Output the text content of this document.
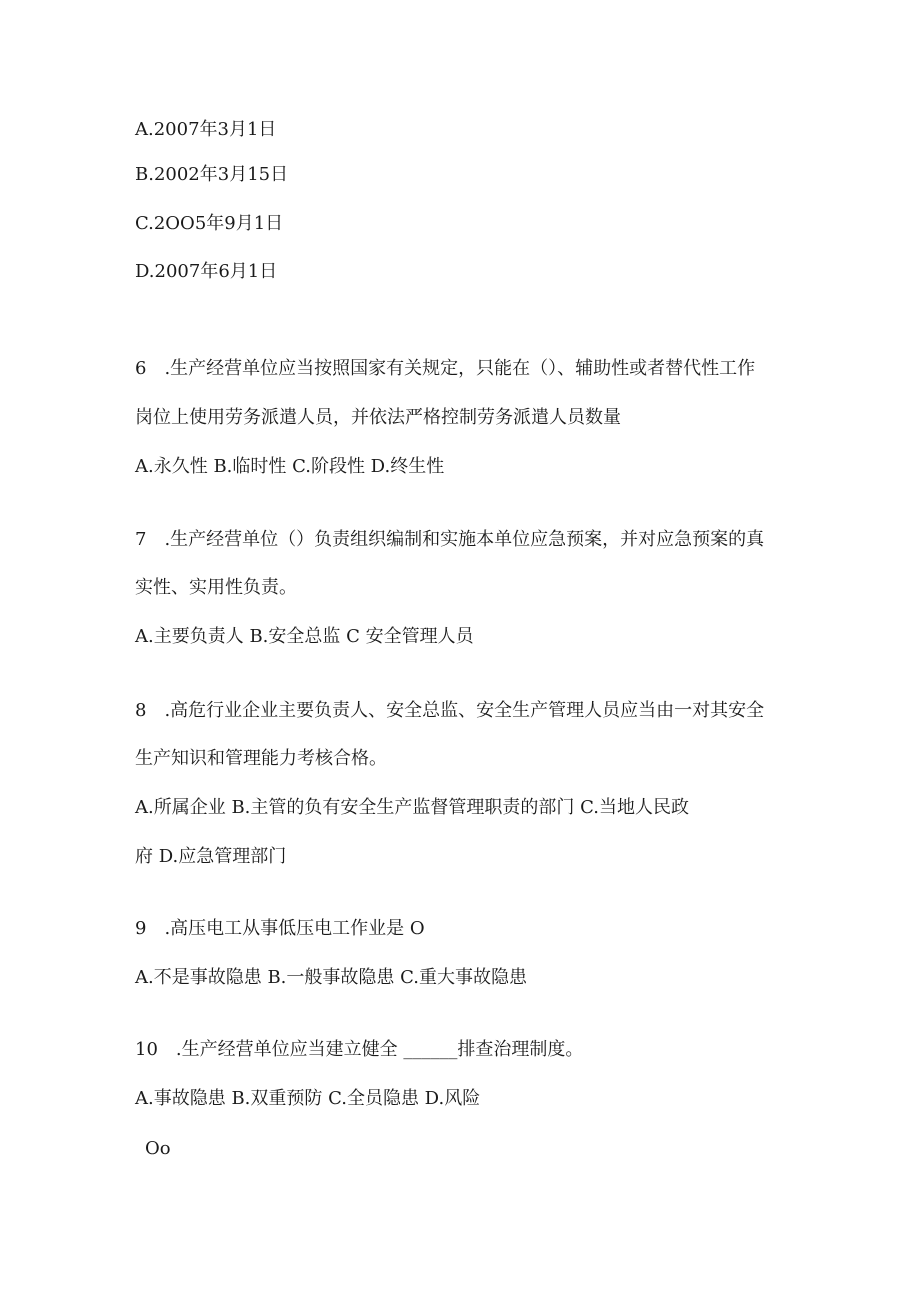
A.2007年3月1日
B.2002年3月15日
C.2OO5年9月1日
D.2007年6月1日
6　.生产经营单位应当按照国家有关规定，只能在（）、辅助性或者替代性工作
岗位上使用劳务派遣人员，并依法严格控制劳务派遣人员数量
A.永久性 B.临时性 C.阶段性 D.终生性
7　.生产经营单位（）负责组织编制和实施本单位应急预案，并对应急预案的真
实性、实用性负责。
A.主要负责人 B.安全总监 C 安全管理人员
8　.高危行业企业主要负责人、安全总监、安全生产管理人员应当由一对其安全
生产知识和管理能力考核合格。
A.所属企业 B.主管的负有安全生产监督管理职责的部门 C.当地人民政
府 D.应急管理部门
9　.高压电工从事低压电工作业是 O
A.不是事故隐患 B.一般事故隐患 C.重大事故隐患
10　.生产经营单位应当建立健全 ______排查治理制度。
A.事故隐患 B.双重预防 C.全员隐患 D.风险
Oo
